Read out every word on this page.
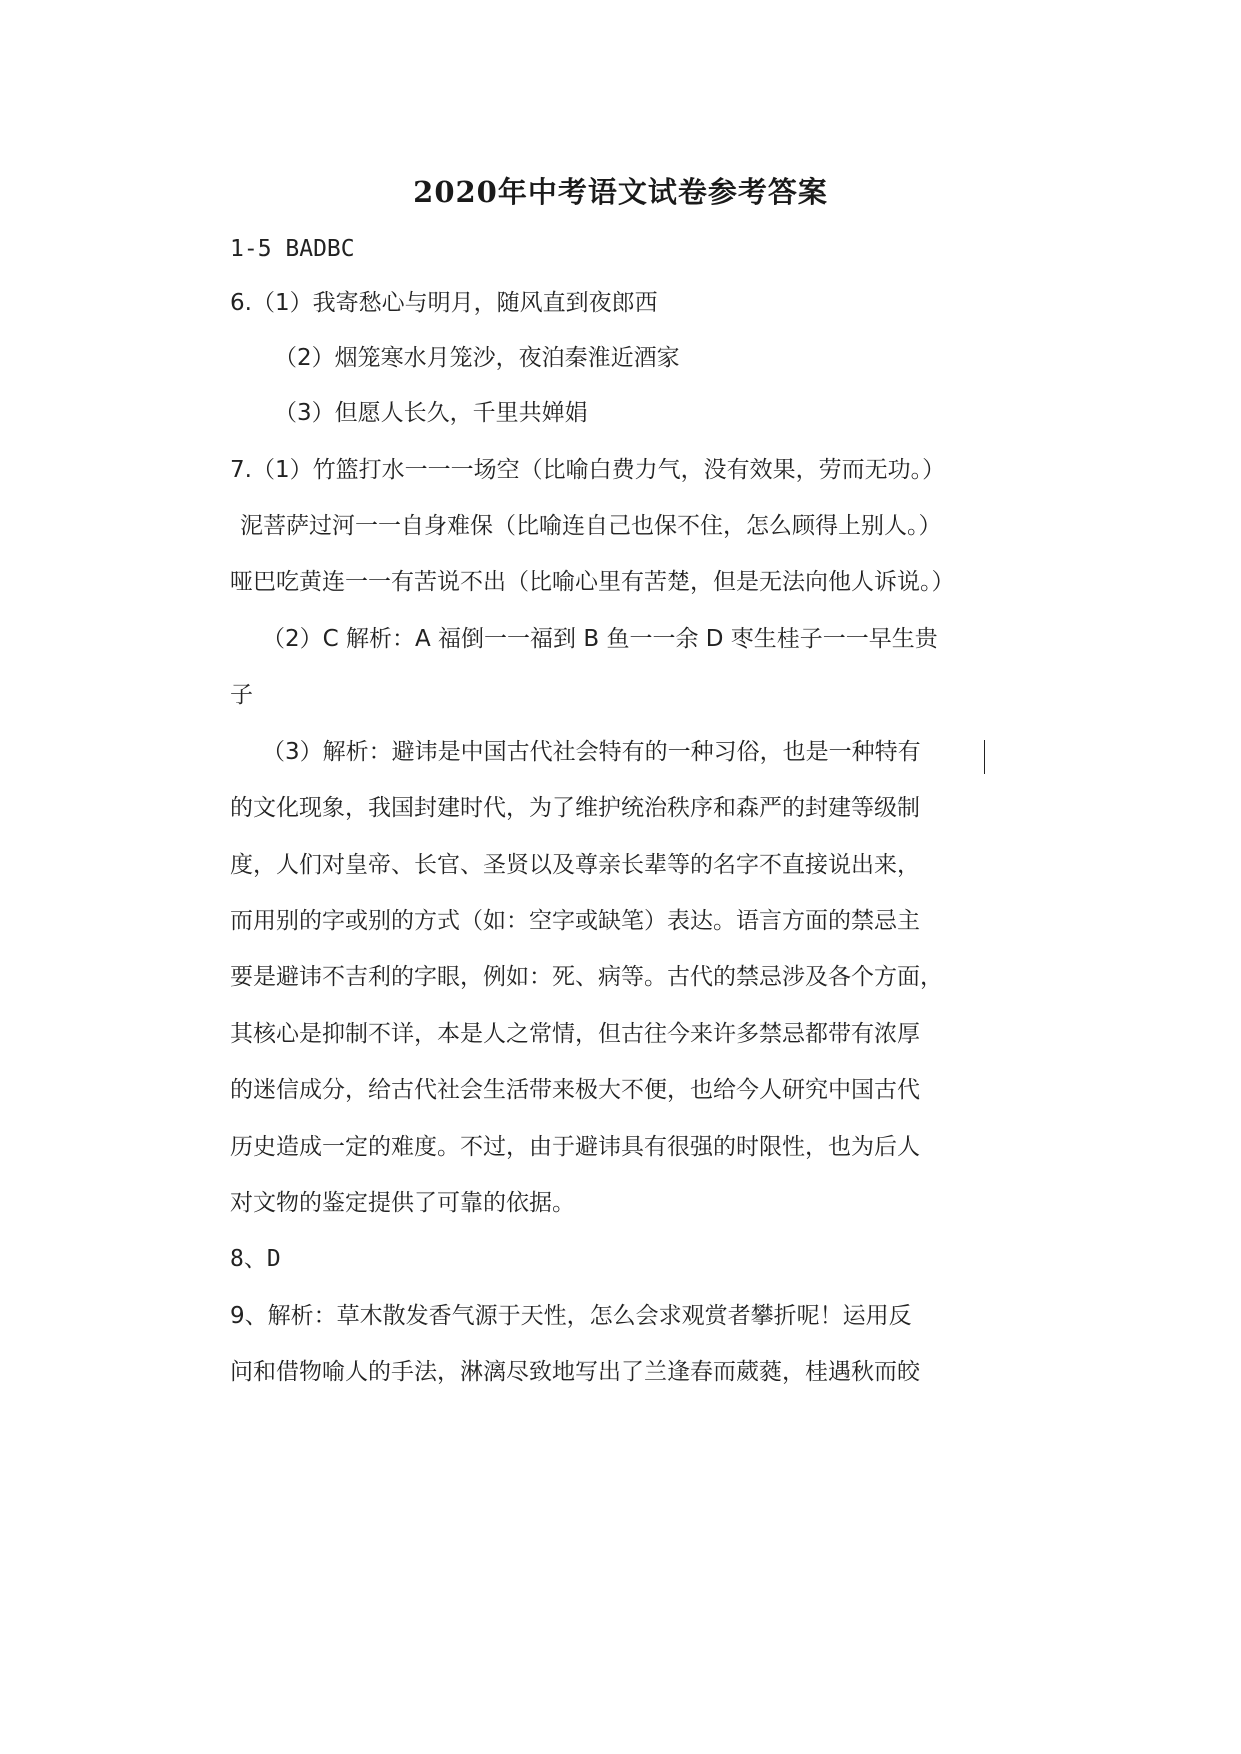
2020年中考语文试卷参考答案
1-5 BADBC
6.（1）我寄愁心与明月，随风直到夜郎西
（2）烟笼寒水月笼沙，夜泊秦淮近酒家
（3）但愿人长久，千里共婵娟
7.（1）竹篮打水一一一场空（比喻白费力气，没有效果，劳而无功。）
泥菩萨过河一一自身难保（比喻连自己也保不住，怎么顾得上别人。）
哑巴吃黄连一一有苦说不出（比喻心里有苦楚，但是无法向他人诉说。）
（2）C 解析：A 福倒一一福到 B 鱼一一余 D 枣生桂子一一早生贵
子
（3）解析：避讳是中国古代社会特有的一种习俗，也是一种特有
的文化现象，我国封建时代，为了维护统治秩序和森严的封建等级制
度，人们对皇帝、长官、圣贤以及尊亲长辈等的名字不直接说出来，
而用别的字或别的方式（如：空字或缺笔）表达。语言方面的禁忌主
要是避讳不吉利的字眼，例如：死、病等。古代的禁忌涉及各个方面，
其核心是抑制不详，本是人之常情，但古往今来许多禁忌都带有浓厚
的迷信成分，给古代社会生活带来极大不便，也给今人研究中国古代
历史造成一定的难度。不过，由于避讳具有很强的时限性，也为后人
对文物的鉴定提供了可靠的依据。
8、D
9、解析：草木散发香气源于天性，怎么会求观赏者攀折呢！运用反
问和借物喻人的手法，淋漓尽致地写出了兰逢春而葳蕤，桂遇秋而皎
